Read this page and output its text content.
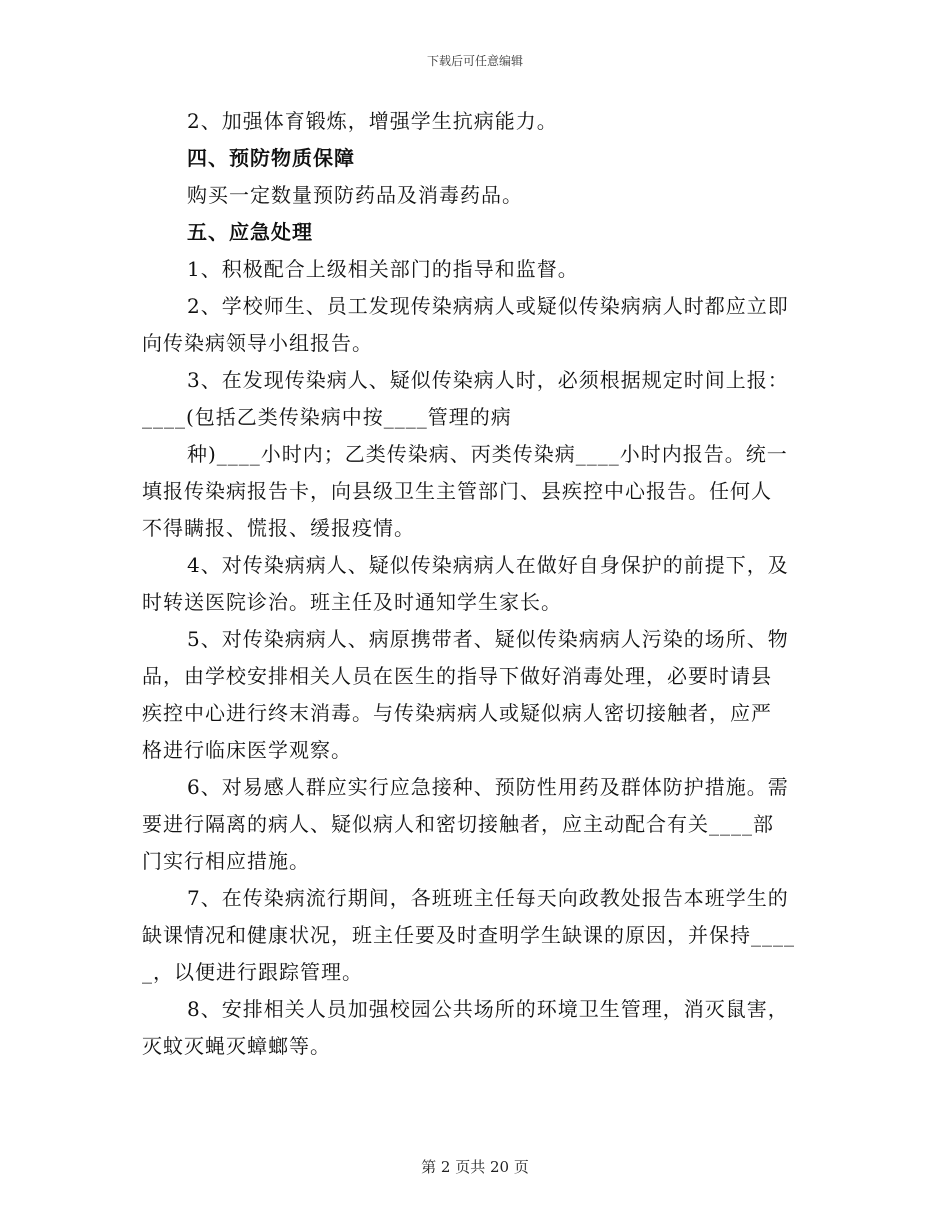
下载后可任意编辑
2、加强体育锻炼，增强学生抗病能力。
四、预防物质保障
购买一定数量预防药品及消毒药品。
五、应急处理
1、积极配合上级相关部门的指导和监督。
2、学校师生、员工发现传染病病人或疑似传染病病人时都应立即
向传染病领导小组报告。
3、在发现传染病人、疑似传染病人时，必须根据规定时间上报：
____(包括乙类传染病中按____管理的病
种)____小时内；乙类传染病、丙类传染病____小时内报告。统一
填报传染病报告卡，向县级卫生主管部门、县疾控中心报告。任何人
不得瞒报、慌报、缓报疫情。
4、对传染病病人、疑似传染病病人在做好自身保护的前提下，及
时转送医院诊治。班主任及时通知学生家长。
5、对传染病病人、病原携带者、疑似传染病病人污染的场所、物
品，由学校安排相关人员在医生的指导下做好消毒处理，必要时请县
疾控中心进行终末消毒。与传染病病人或疑似病人密切接触者，应严
格进行临床医学观察。
6、对易感人群应实行应急接种、预防性用药及群体防护措施。需
要进行隔离的病人、疑似病人和密切接触者，应主动配合有关____部
门实行相应措施。
7、在传染病流行期间，各班班主任每天向政教处报告本班学生的
缺课情况和健康状况，班主任要及时查明学生缺课的原因，并保持____
_，以便进行跟踪管理。
8、安排相关人员加强校园公共场所的环境卫生管理，消灭鼠害，
灭蚊灭蝇灭蟑螂等。
第 2 页共 20 页
